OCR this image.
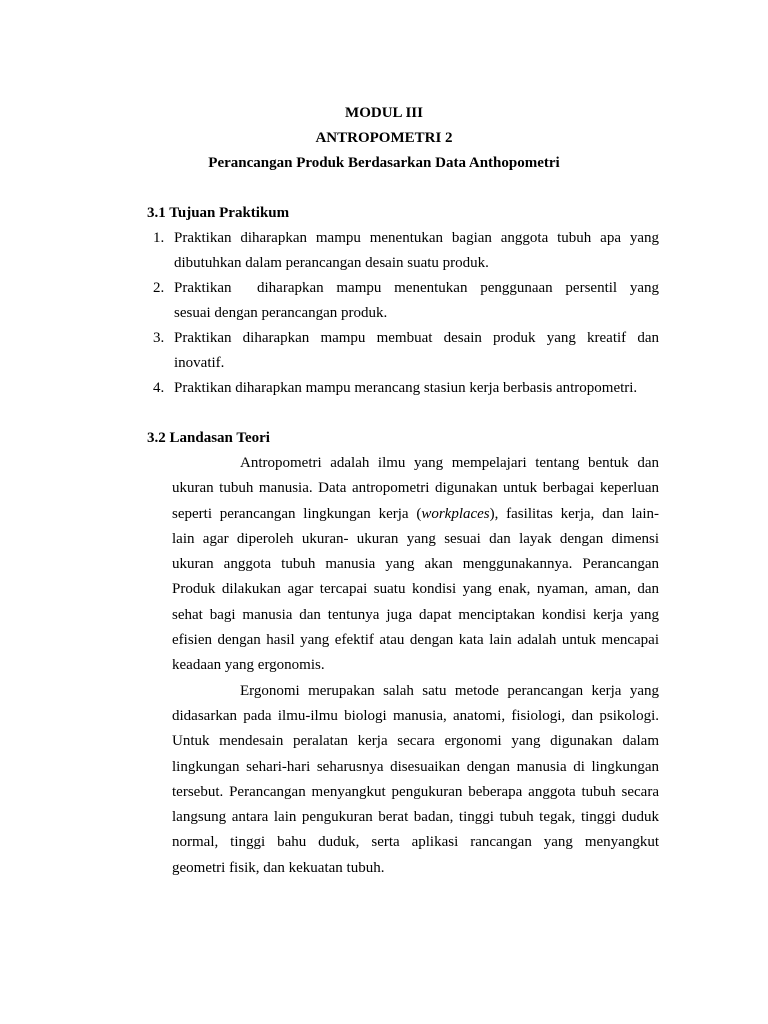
MODUL III
ANTROPOMETRI 2
Perancangan Produk Berdasarkan Data Anthopometri
3.1 Tujuan Praktikum
1. Praktikan diharapkan mampu menentukan bagian anggota tubuh apa yang
dibutuhkan dalam perancangan desain suatu produk.
2. Praktikan  diharapkan mampu menentukan penggunaan persentil yang
sesuai dengan perancangan produk.
3. Praktikan diharapkan mampu membuat desain produk yang kreatif dan
inovatif.
4. Praktikan diharapkan mampu merancang stasiun kerja berbasis antropometri.
3.2 Landasan Teori
Antropometri adalah ilmu yang mempelajari tentang bentuk dan
ukuran tubuh manusia. Data antropometri digunakan untuk berbagai keperluan
seperti perancangan lingkungan kerja (workplaces), fasilitas kerja, dan lain-
lain agar diperoleh ukuran- ukuran yang sesuai dan layak dengan dimensi
ukuran anggota tubuh manusia yang akan menggunakannya. Perancangan
Produk dilakukan agar tercapai suatu kondisi yang enak, nyaman, aman, dan
sehat bagi manusia dan tentunya juga dapat menciptakan kondisi kerja yang
efisien dengan hasil yang efektif atau dengan kata lain adalah untuk mencapai
keadaan yang ergonomis.
Ergonomi merupakan salah satu metode perancangan kerja yang
didasarkan pada ilmu-ilmu biologi manusia, anatomi, fisiologi, dan psikologi.
Untuk mendesain peralatan kerja secara ergonomi yang digunakan dalam
lingkungan sehari-hari seharusnya disesuaikan dengan manusia di lingkungan
tersebut. Perancangan menyangkut pengukuran beberapa anggota tubuh secara
langsung antara lain pengukuran berat badan, tinggi tubuh tegak, tinggi duduk
normal, tinggi bahu duduk, serta aplikasi rancangan yang menyangkut
geometri fisik, dan kekuatan tubuh.
